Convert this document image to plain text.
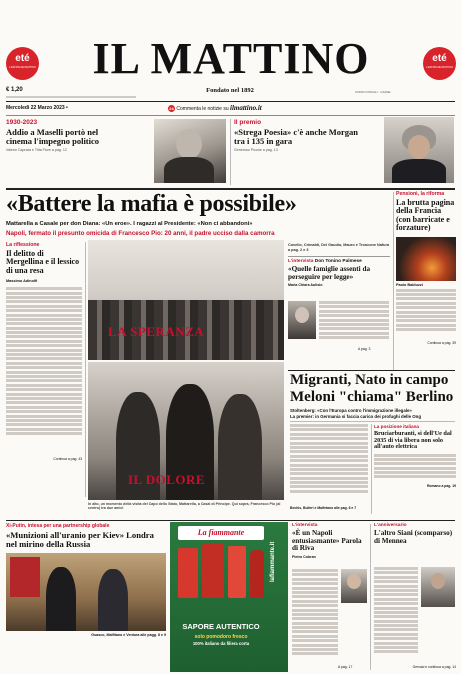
eté
L'ESTATE DEI MATTINO
eté
L'ESTATE DEI MATTINO
IL MATTINO
€ 1,20	Fondato nel 1892	CODICI FISCALI · CASSE
Mercoledì 22 Marzo 2023 •	24 Commenta le notizie su ilmattino.it
1930-2023
Addio a Maselli portò nel cinema l'impegno politico
Valerio Caprara e Titta Fiore a pag. 12
Il premio
«Strega Poesia» c'è anche Morgan tra i 135 in gara
Generoso Picone a pag. 13
«Battere la mafia è possibile»
Mattarella a Casale per don Diana: «Un eroe». I ragazzi al Presidente: «Non ci abbandoni»
Napoli, fermato il presunto omicida di Francesco Pio: 20 anni, il padre ucciso dalla camorra
Pensioni, la riforma
La brutta pagina della Francia (con barricate e forzature)
Paolo Balduzzi
Continua a pag. 39
La riflessione
Il delitto di Mergellina e il lessico di una resa
Massimo Adinolfi
Continua a pag. 43
LA SPERANZA
IL DOLORE
In alto, un momento della visita del Capo dello Stato, Mattarella, a Casal di Principe. Qui sopra, Francesco Pio (al centro) tra due amici
Covello, Crimaldi, Del Gaudio, Mauro e Troncone Nafura a pag. 2 e 3
L'intervista Don Tonino Palmese
«Quelle famiglie assenti da perseguire per legge»
Maria Chiara Aulisio
A pag. 3
Migranti, Nato in campo
Meloni "chiama" Berlino
Stoltenberg: «Con l'Europa contro l'immigrazione illegale»
La premier: in Germania si faccia carico dei profughi delle Ong
Bechis, Bulleri e Malfetano alle pag. 6 e 7
La posizione italiana
Bruciarburanti, si dell'Ue dal 2035 di via libera non solo all'auto elettrica
Romano a pag. 19
Xi-Putin, intesa per una partnership globale
«Munizioni all'uranio per Kiev» Londra nel mirino della Russia
Guasco, Malfitano e Ventura alle pagg. 8 e 9
La fiammante
SAPORE AUTENTICO
solo pomodoro fresco
100% italiano da filiera corta
lafiammante.it
L'intervista
«È un Napoli entusiasmante» Parola di Riva
Pietro Cobran
A pag. 17
L'anniversario
L'altro Siani (scomparso) di Mennea
Gervasi e continua a pag. 14
